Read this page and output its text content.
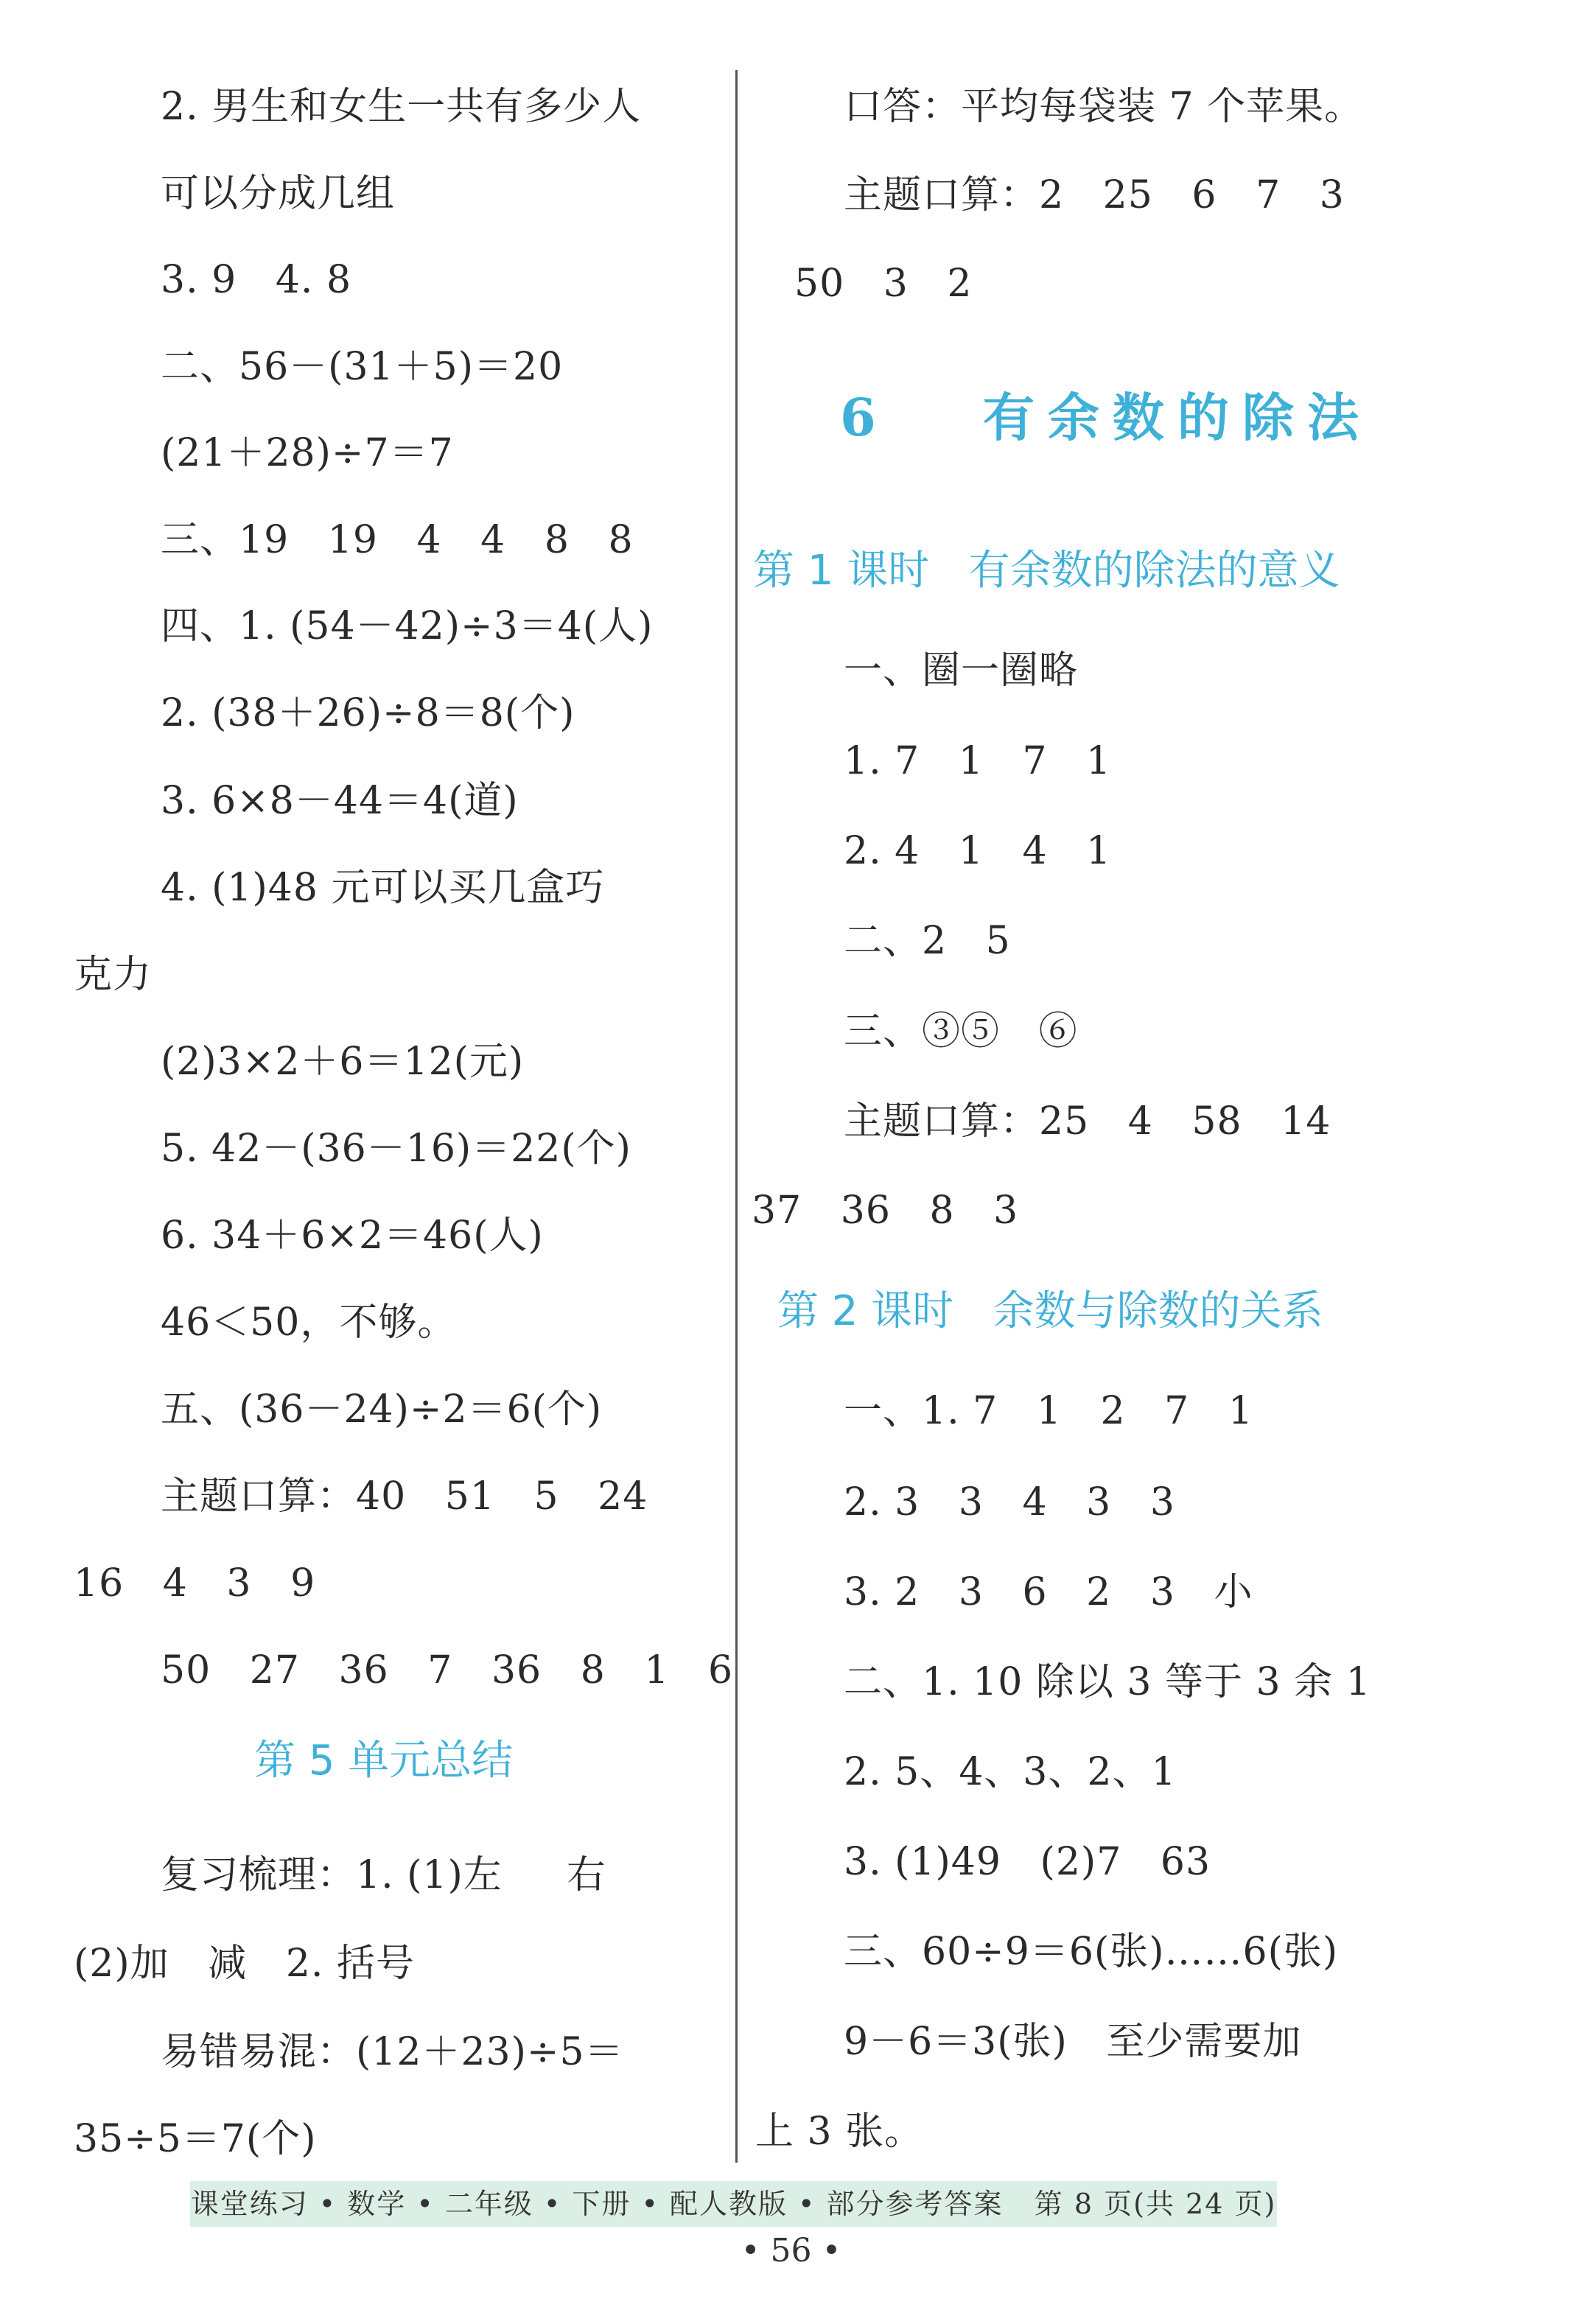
2. 男生和女生一共有多少人
可以分成几组
3. 9   4. 8
二、56－(31＋5)＝20
(21＋28)÷7＝7
三、19   19   4   4   8   8
四、1. (54－42)÷3＝4(人)
2. (38＋26)÷8＝8(个)
3. 6×8－44＝4(道)
4. (1)48 元可以买几盒巧
克力
(2)3×2＋6＝12(元)
5. 42－(36－16)＝22(个)
6. 34＋6×2＝46(人)
46＜50，不够。
五、(36－24)÷2＝6(个)
主题口算：40   51   5   24
16   4   3   9
50   27   36   7   36   8   1   6
第 5 单元总结
复习梳理：1. (1)左     右
(2)加   减   2. 括号
易错易混：(12＋23)÷5＝
35÷5＝7(个)
口答：平均每袋装 7 个苹果。
主题口算：2   25   6   7   3
50   3   2
6   有余数的除法
第 1 课时   有余数的除法的意义
一、圈一圈略
1. 7   1   7   1
2. 4   1   4   1
二、2   5
三、③⑤   ⑥
主题口算：25   4   58   14
37   36   8   3
第 2 课时   余数与除数的关系
一、1. 7   1   2   7   1
2. 3   3   4   3   3
3. 2   3   6   2   3   小
二、1. 10 除以 3 等于 3 余 1
2. 5、4、3、2、1
3. (1)49   (2)7   63
三、60÷9＝6(张)……6(张)
9－6＝3(张)   至少需要加
上 3 张。
课堂练习 • 数学 • 二年级 • 下册 • 配人教版 • 部分参考答案   第 8 页(共 24 页)
• 56 •
